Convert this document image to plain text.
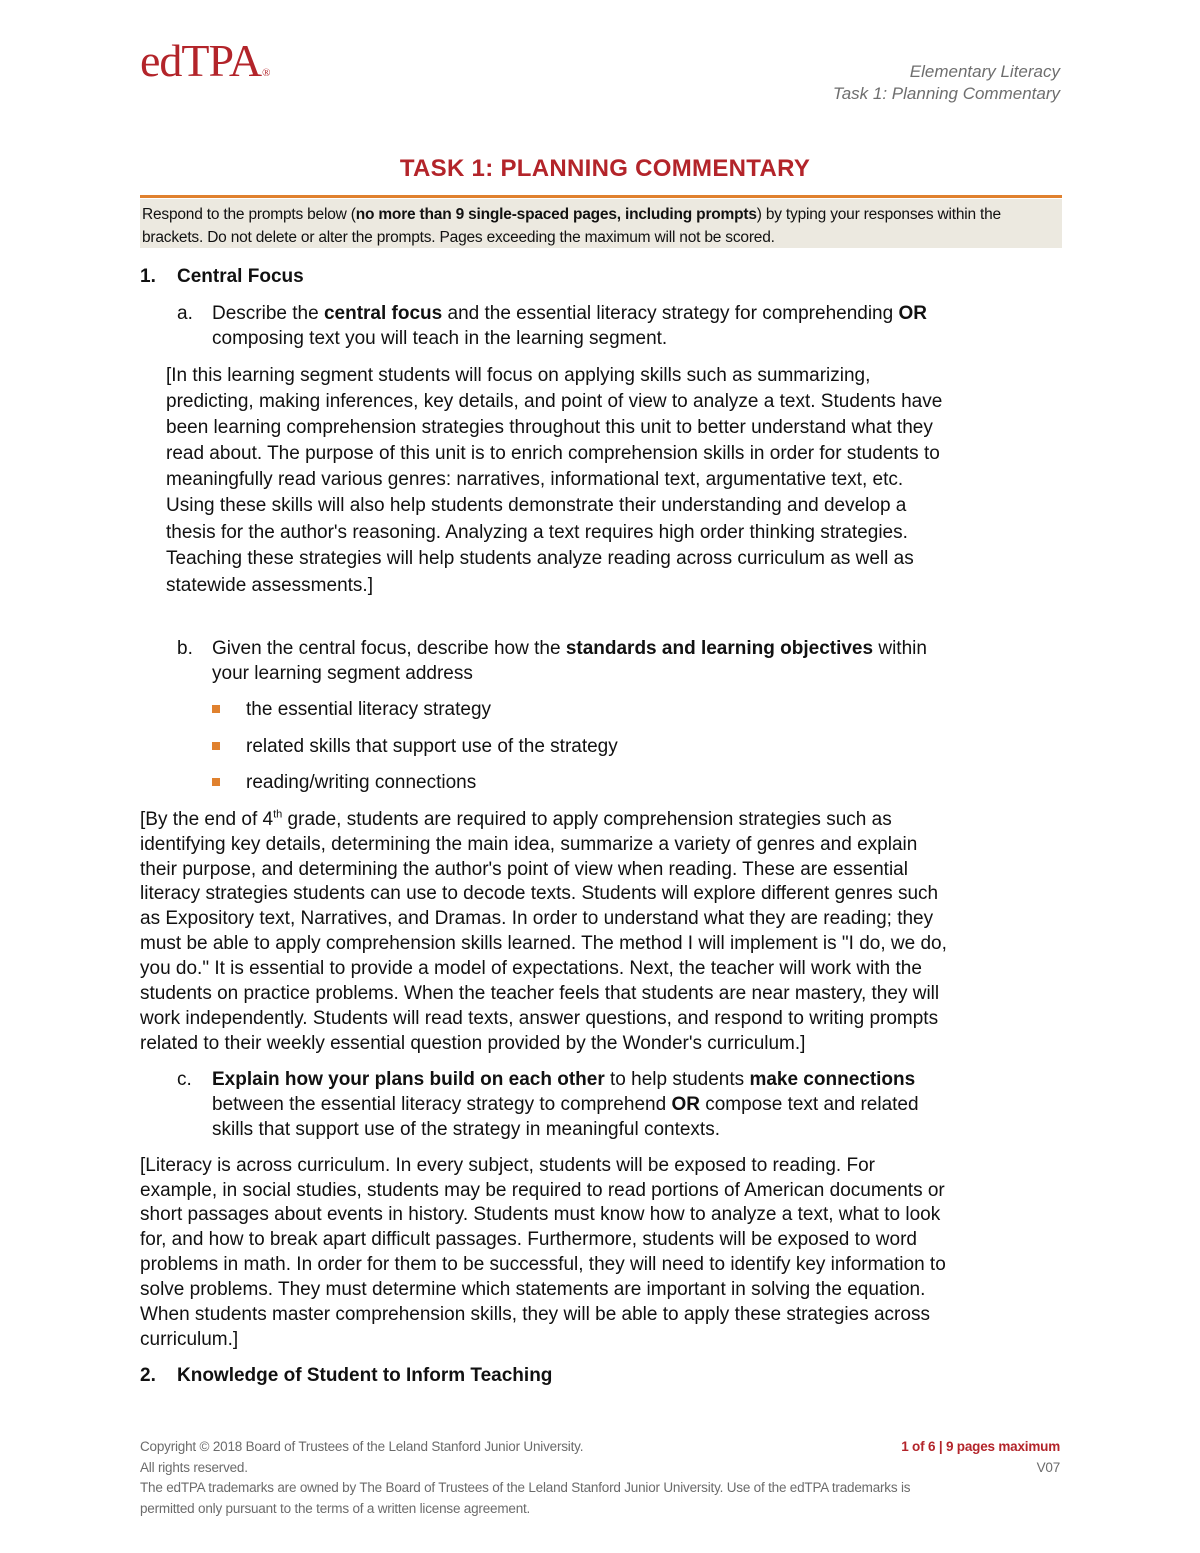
edTPA®	Elementary Literacy
Task 1: Planning Commentary
TASK 1: PLANNING COMMENTARY
Respond to the prompts below (no more than 9 single-spaced pages, including prompts) by typing your responses within the
brackets. Do not delete or alter the prompts. Pages exceeding the maximum will not be scored.
1. Central Focus
a. Describe the central focus and the essential literacy strategy for comprehending OR
composing text you will teach in the learning segment.
[In this learning segment students will focus on applying skills such as summarizing,
predicting, making inferences, key details, and point of view to analyze a text. Students have
been learning comprehension strategies throughout this unit to better understand what they
read about. The purpose of this unit is to enrich comprehension skills in order for students to
meaningfully read various genres: narratives, informational text, argumentative text, etc.
Using these skills will also help students demonstrate their understanding and develop a
thesis for the author's reasoning. Analyzing a text requires high order thinking strategies.
Teaching these strategies will help students analyze reading across curriculum as well as
statewide assessments.]
b. Given the central focus, describe how the standards and learning objectives within
your learning segment address
the essential literacy strategy
related skills that support use of the strategy
reading/writing connections
[By the end of 4th grade, students are required to apply comprehension strategies such as
identifying key details, determining the main idea, summarize a variety of genres and explain
their purpose, and determining the author's point of view when reading. These are essential
literacy strategies students can use to decode texts. Students will explore different genres such
as Expository text, Narratives, and Dramas. In order to understand what they are reading; they
must be able to apply comprehension skills learned. The method I will implement is "I do, we do,
you do." It is essential to provide a model of expectations. Next, the teacher will work with the
students on practice problems. When the teacher feels that students are near mastery, they will
work independently. Students will read texts, answer questions, and respond to writing prompts
related to their weekly essential question provided by the Wonder's curriculum.]
c. Explain how your plans build on each other to help students make connections
between the essential literacy strategy to comprehend OR compose text and related
skills that support use of the strategy in meaningful contexts.
[Literacy is across curriculum. In every subject, students will be exposed to reading. For
example, in social studies, students may be required to read portions of American documents or
short passages about events in history. Students must know how to analyze a text, what to look
for, and how to break apart difficult passages. Furthermore, students will be exposed to word
problems in math. In order for them to be successful, they will need to identify key information to
solve problems. They must determine which statements are important in solving the equation.
When students master comprehension skills, they will be able to apply these strategies across
curriculum.]
2. Knowledge of Student to Inform Teaching
1 of 6 | 9 pages maximum
V07
Copyright © 2018 Board of Trustees of the Leland Stanford Junior University.
All rights reserved.
The edTPA trademarks are owned by The Board of Trustees of the Leland Stanford Junior University. Use of the edTPA trademarks is
permitted only pursuant to the terms of a written license agreement.
